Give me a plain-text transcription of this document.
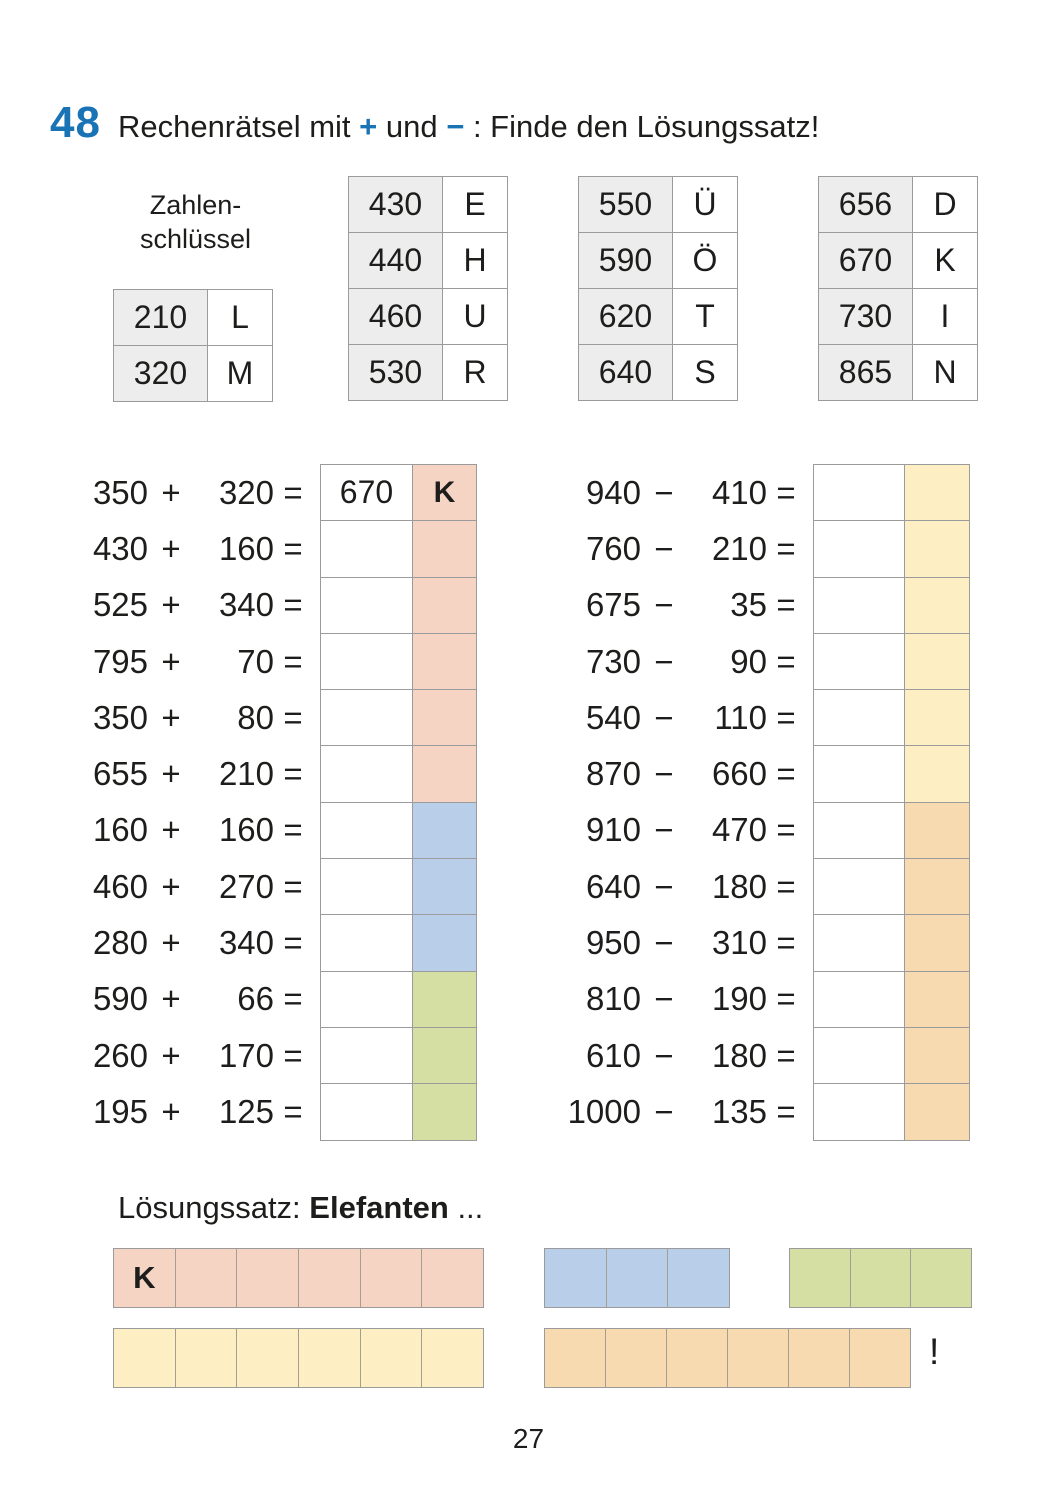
48 Rechenrätsel mit + und − : Finde den Lösungssatz!
Zahlen-
schlüssel
210	L
320	M
430	E
440	H
460	U
530	R
550	Ü
590	Ö
620	T
640	S
656	D
670	K
730	I
865	N
350 +	320 =	670	K
430 +	160 =
525 +	340 =
795 +	70 =
350 +	80 =
655 +	210 =
160 +	160 =
460 +	270 =
280 +	340 =
590 +	66 =
260 +	170 =
195 +	125 =
940 −	410 =
760 −	210 =
675 −	35 =
730 −	90 =
540 −	110 =
870 −	660 =
910 −	470 =
640 −	180 =
950 −	310 =
810 −	190 =
610 −	180 =
1000 −	135 =
Lösungssatz: Elefanten ...
K
!
27
